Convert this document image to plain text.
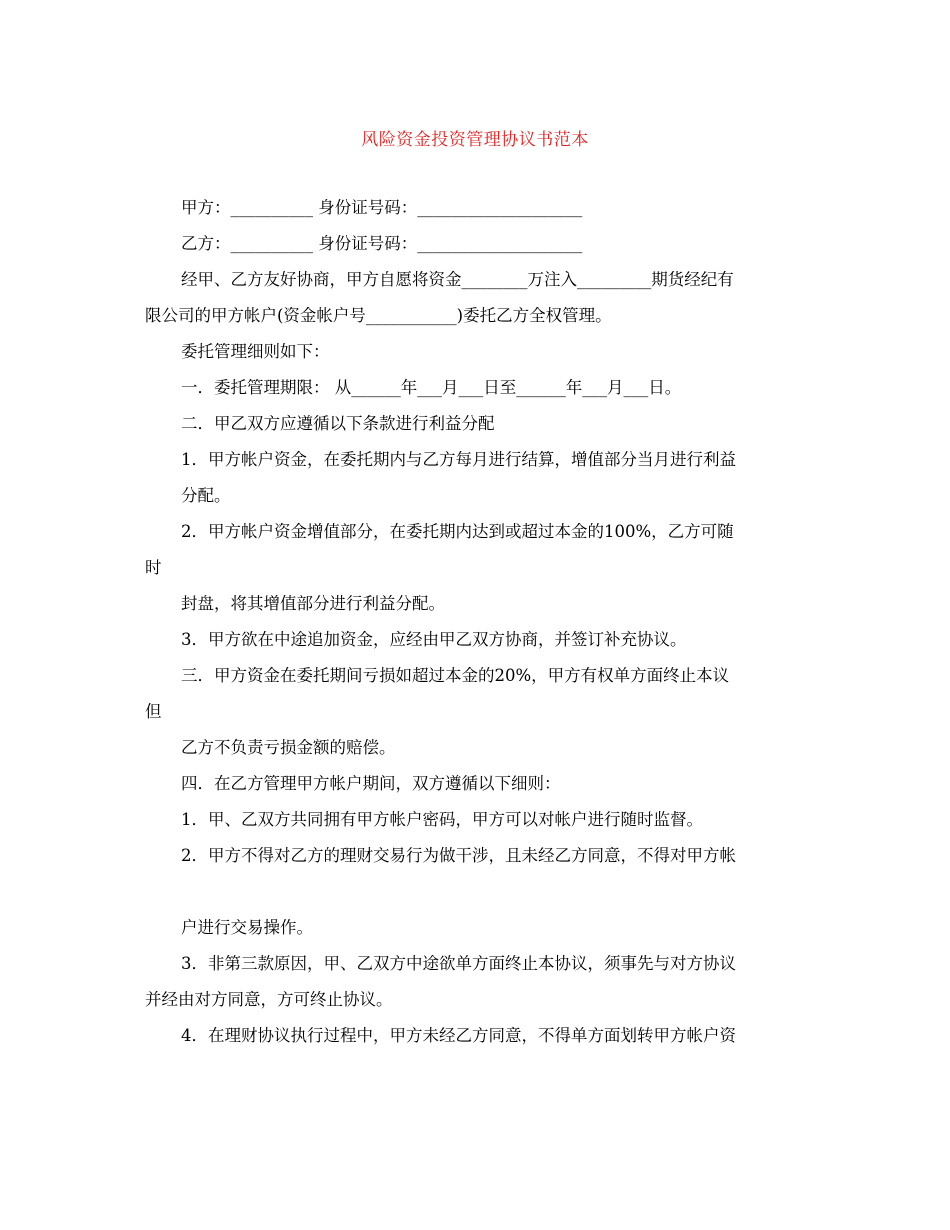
风险资金投资管理协议书范本
甲方：__________ 身份证号码：____________________
乙方：__________ 身份证号码：____________________
经甲、乙方友好协商，甲方自愿将资金________万注入_________期货经纪有
限公司的甲方帐户(资金帐户号___________)委托乙方全权管理。
委托管理细则如下：
一．委托管理期限： 从______年___月___日至______年___月___日。
二．甲乙双方应遵循以下条款进行利益分配
1．甲方帐户资金，在委托期内与乙方每月进行结算，增值部分当月进行利益
分配。
2．甲方帐户资金增值部分，在委托期内达到或超过本金的100%，乙方可随
时
封盘，将其增值部分进行利益分配。
3．甲方欲在中途追加资金，应经由甲乙双方协商，并签订补充协议。
三．甲方资金在委托期间亏损如超过本金的20%，甲方有权单方面终止本议
但
乙方不负责亏损金额的赔偿。
四．在乙方管理甲方帐户期间，双方遵循以下细则：
1．甲、乙双方共同拥有甲方帐户密码，甲方可以对帐户进行随时监督。
2．甲方不得对乙方的理财交易行为做干涉，且未经乙方同意，不得对甲方帐
户进行交易操作。
3．非第三款原因，甲、乙双方中途欲单方面终止本协议，须事先与对方协议
并经由对方同意，方可终止协议。
4．在理财协议执行过程中，甲方未经乙方同意，不得单方面划转甲方帐户资
